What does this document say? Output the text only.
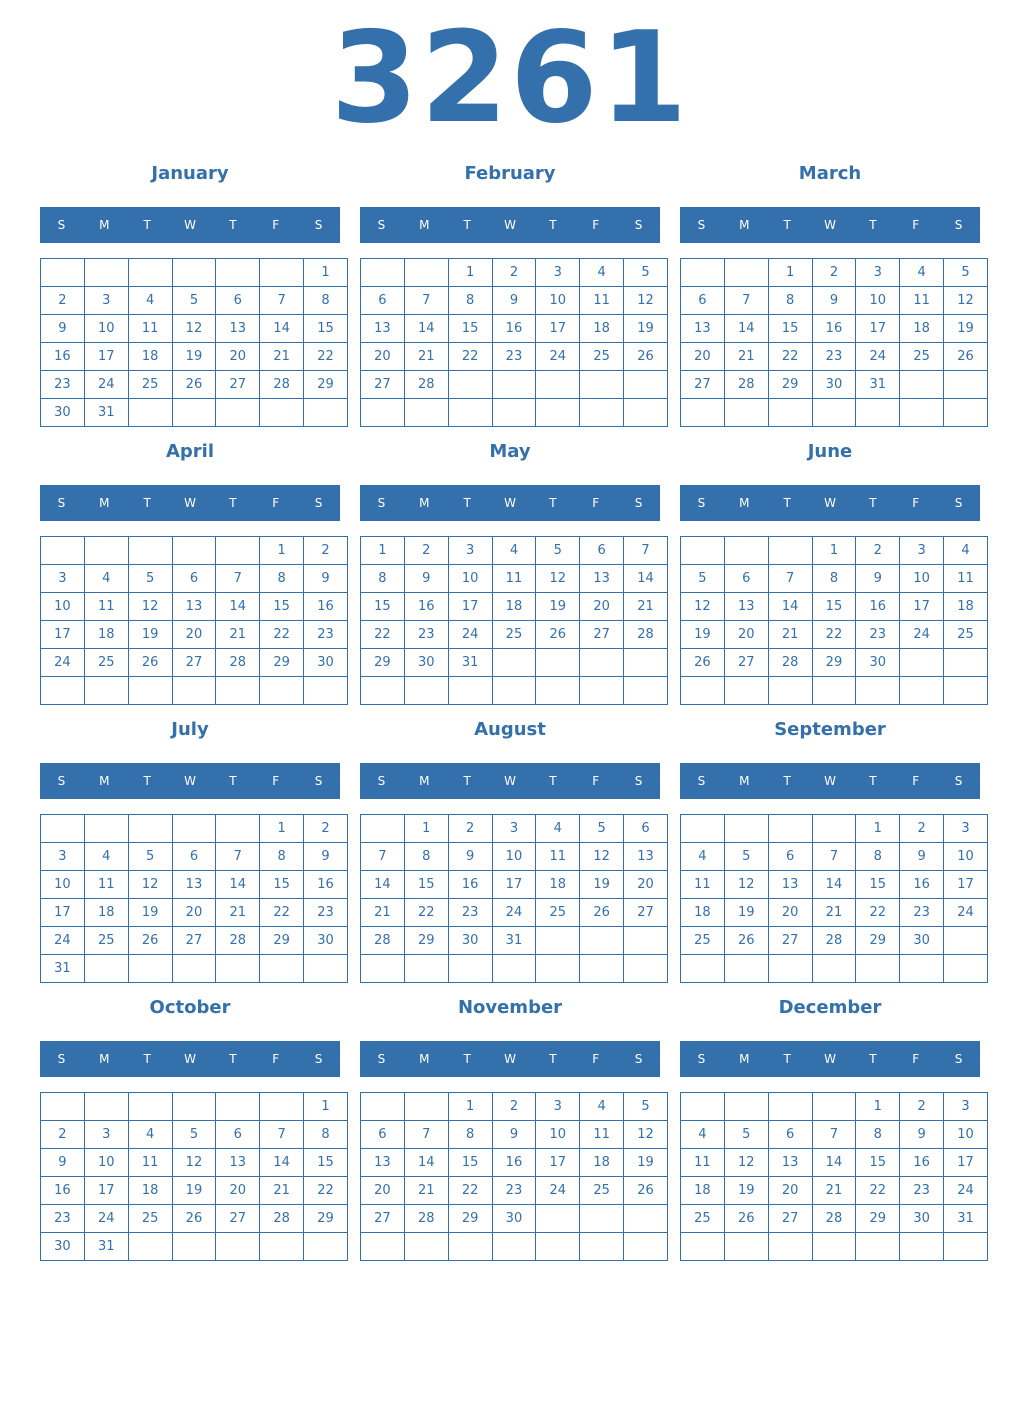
3261
January
S	M	T	W	T	F	S
						1
2	3	4	5	6	7	8
9	10	11	12	13	14	15
16	17	18	19	20	21	22
23	24	25	26	27	28	29
30	31					
February
S	M	T	W	T	F	S
		1	2	3	4	5
6	7	8	9	10	11	12
13	14	15	16	17	18	19
20	21	22	23	24	25	26
27	28					

March
S	M	T	W	T	F	S
		1	2	3	4	5
6	7	8	9	10	11	12
13	14	15	16	17	18	19
20	21	22	23	24	25	26
27	28	29	30	31		

April
S	M	T	W	T	F	S
					1	2
3	4	5	6	7	8	9
10	11	12	13	14	15	16
17	18	19	20	21	22	23
24	25	26	27	28	29	30

May
S	M	T	W	T	F	S
1	2	3	4	5	6	7
8	9	10	11	12	13	14
15	16	17	18	19	20	21
22	23	24	25	26	27	28
29	30	31				

June
S	M	T	W	T	F	S
			1	2	3	4
5	6	7	8	9	10	11
12	13	14	15	16	17	18
19	20	21	22	23	24	25
26	27	28	29	30		

July
S	M	T	W	T	F	S
					1	2
3	4	5	6	7	8	9
10	11	12	13	14	15	16
17	18	19	20	21	22	23
24	25	26	27	28	29	30
31						
August
S	M	T	W	T	F	S
	1	2	3	4	5	6
7	8	9	10	11	12	13
14	15	16	17	18	19	20
21	22	23	24	25	26	27
28	29	30	31			

September
S	M	T	W	T	F	S
				1	2	3
4	5	6	7	8	9	10
11	12	13	14	15	16	17
18	19	20	21	22	23	24
25	26	27	28	29	30	

October
S	M	T	W	T	F	S
						1
2	3	4	5	6	7	8
9	10	11	12	13	14	15
16	17	18	19	20	21	22
23	24	25	26	27	28	29
30	31					
November
S	M	T	W	T	F	S
		1	2	3	4	5
6	7	8	9	10	11	12
13	14	15	16	17	18	19
20	21	22	23	24	25	26
27	28	29	30			

December
S	M	T	W	T	F	S
				1	2	3
4	5	6	7	8	9	10
11	12	13	14	15	16	17
18	19	20	21	22	23	24
25	26	27	28	29	30	31
